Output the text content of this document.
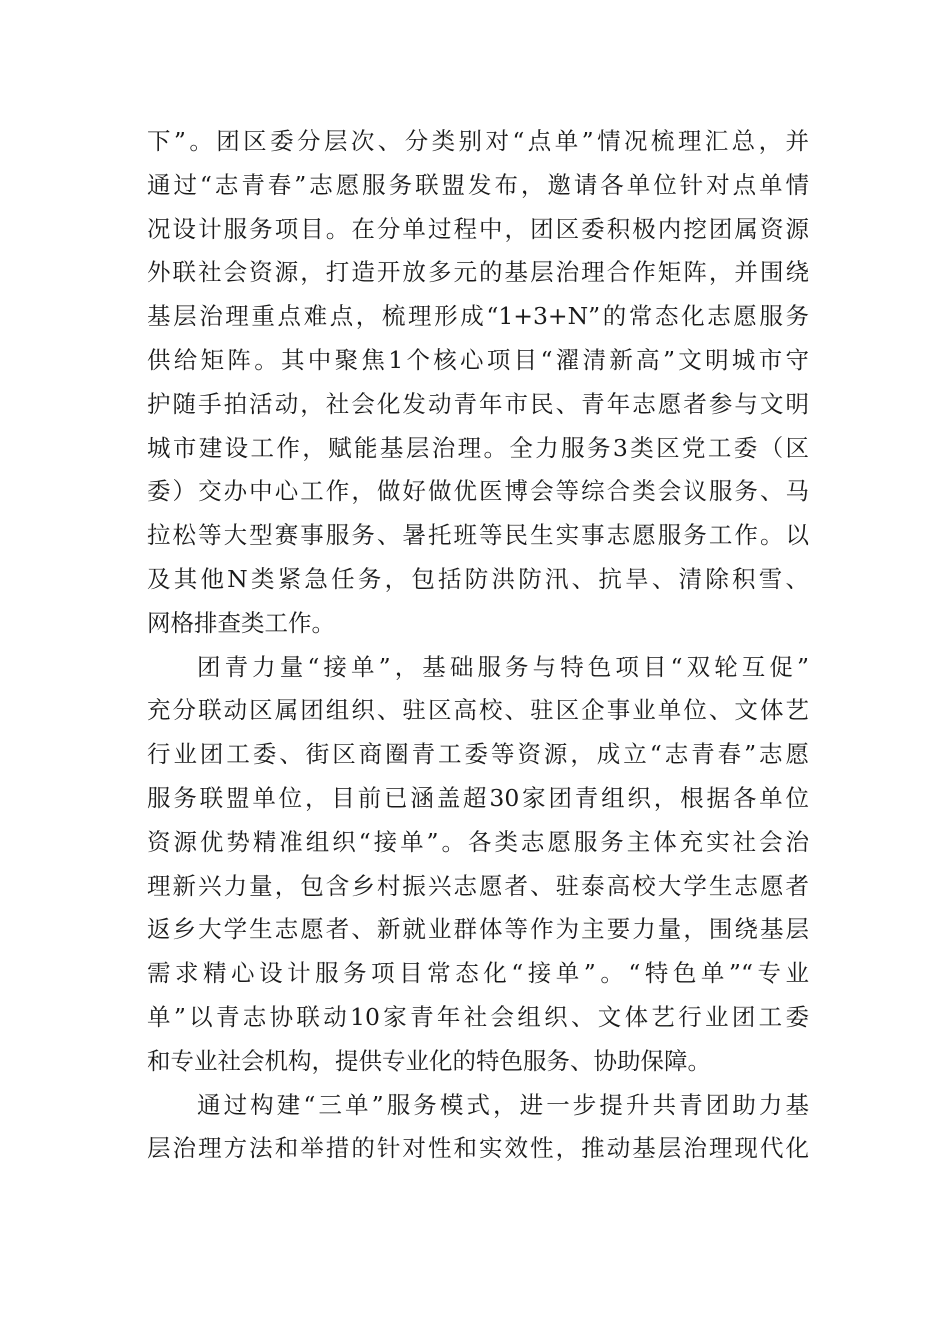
下”。团区委分层次、分类别对“点单”情况梳理汇总，并
通过“志青春”志愿服务联盟发布，邀请各单位针对点单情
况设计服务项目。在分单过程中，团区委积极内挖团属资源
外联社会资源，打造开放多元的基层治理合作矩阵，并围绕
基层治理重点难点，梳理形成“1+3+N”的常态化志愿服务
供给矩阵。其中聚焦1个核心项目“濯清新高”文明城市守
护随手拍活动，社会化发动青年市民、青年志愿者参与文明
城市建设工作，赋能基层治理。全力服务3类区党工委（区
委）交办中心工作，做好做优医博会等综合类会议服务、马
拉松等大型赛事服务、暑托班等民生实事志愿服务工作。以
及其他N类紧急任务，包括防洪防汛、抗旱、清除积雪、
网格排查类工作。
团青力量“接单”，基础服务与特色项目“双轮互促”
充分联动区属团组织、驻区高校、驻区企事业单位、文体艺
行业团工委、街区商圈青工委等资源，成立“志青春”志愿
服务联盟单位，目前已涵盖超30家团青组织，根据各单位
资源优势精准组织“接单”。各类志愿服务主体充实社会治
理新兴力量，包含乡村振兴志愿者、驻泰高校大学生志愿者
返乡大学生志愿者、新就业群体等作为主要力量，围绕基层
需求精心设计服务项目常态化“接单”。“特色单”“专业
单”以青志协联动10家青年社会组织、文体艺行业团工委
和专业社会机构，提供专业化的特色服务、协助保障。
通过构建“三单”服务模式，进一步提升共青团助力基
层治理方法和举措的针对性和实效性，推动基层治理现代化
